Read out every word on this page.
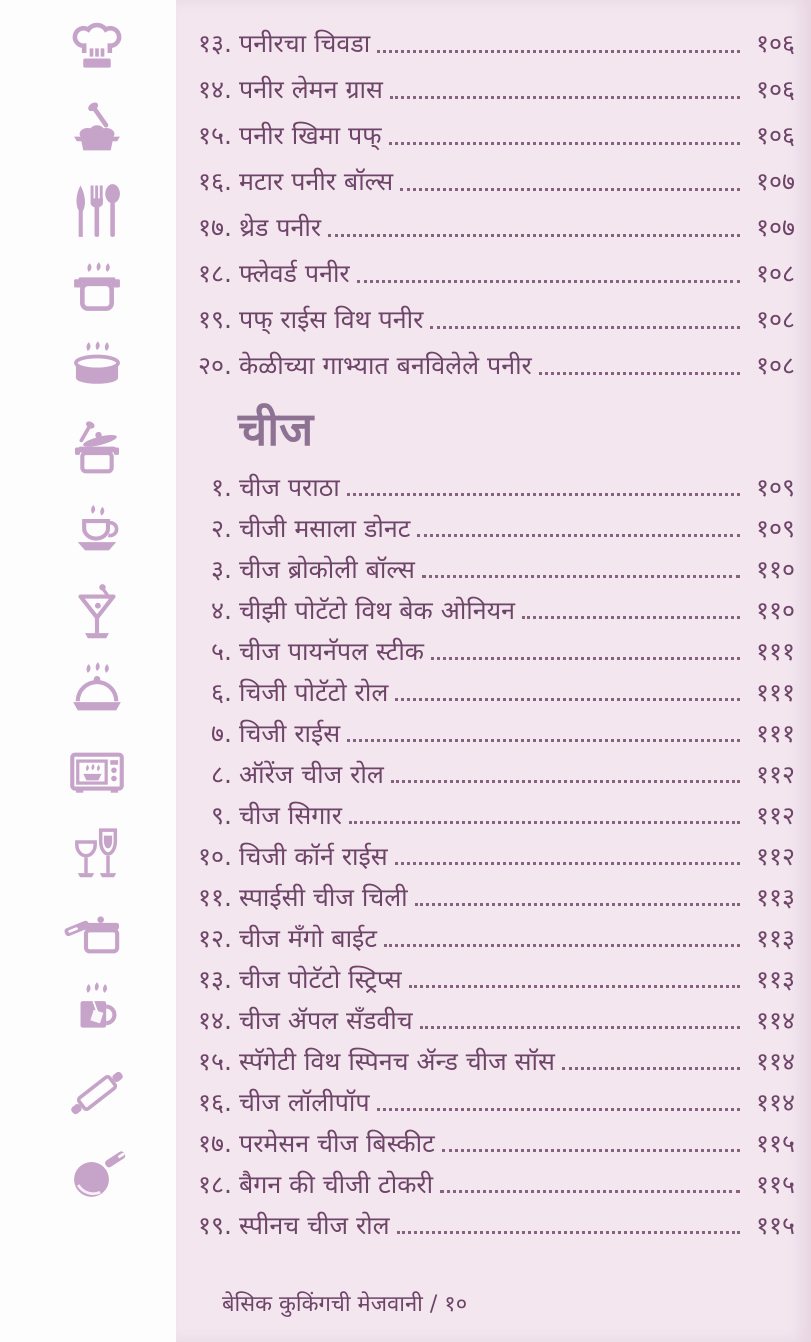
१३. पनीरचा चिवडा	१०६
१४. पनीर लेमन ग्रास	१०६
१५. पनीर खिमा पफ्	१०६
१६. मटार पनीर बॉल्स	१०७
१७. थ्रेड पनीर	१०७
१८. फ्लेवर्ड पनीर	१०८
१९. पफ् राईस विथ पनीर	१०८
२०. केळीच्या गाभ्यात बनविलेले पनीर	१०८
चीज
१. चीज पराठा	१०९
२. चीजी मसाला डोनट	१०९
३. चीज ब्रोकोली बॉल्स	११०
४. चीझी पोटॅटो विथ बेक ओनियन	११०
५. चीज पायनॅपल स्टीक	१११
६. चिजी पोटॅटो रोल	१११
७. चिजी राईस	१११
८. ऑरेंज चीज रोल	११२
९. चीज सिगार	११२
१०. चिजी कॉर्न राईस	११२
११. स्पाईसी चीज चिली	११३
१२. चीज मँगो बाईट	११३
१३. चीज पोटॅटो स्ट्रिप्स	११३
१४. चीज ॲपल सँडवीच	११४
१५. स्पॅगेटी विथ स्पिनच ॲन्ड चीज सॉस	११४
१६. चीज लॉलीपॉप	११४
१७. परमेसन चीज बिस्कीट	११५
१८. बैगन की चीजी टोकरी	११५
१९. स्पीनच चीज रोल	११५
बेसिक कुकिंगची मेजवानी / १०
